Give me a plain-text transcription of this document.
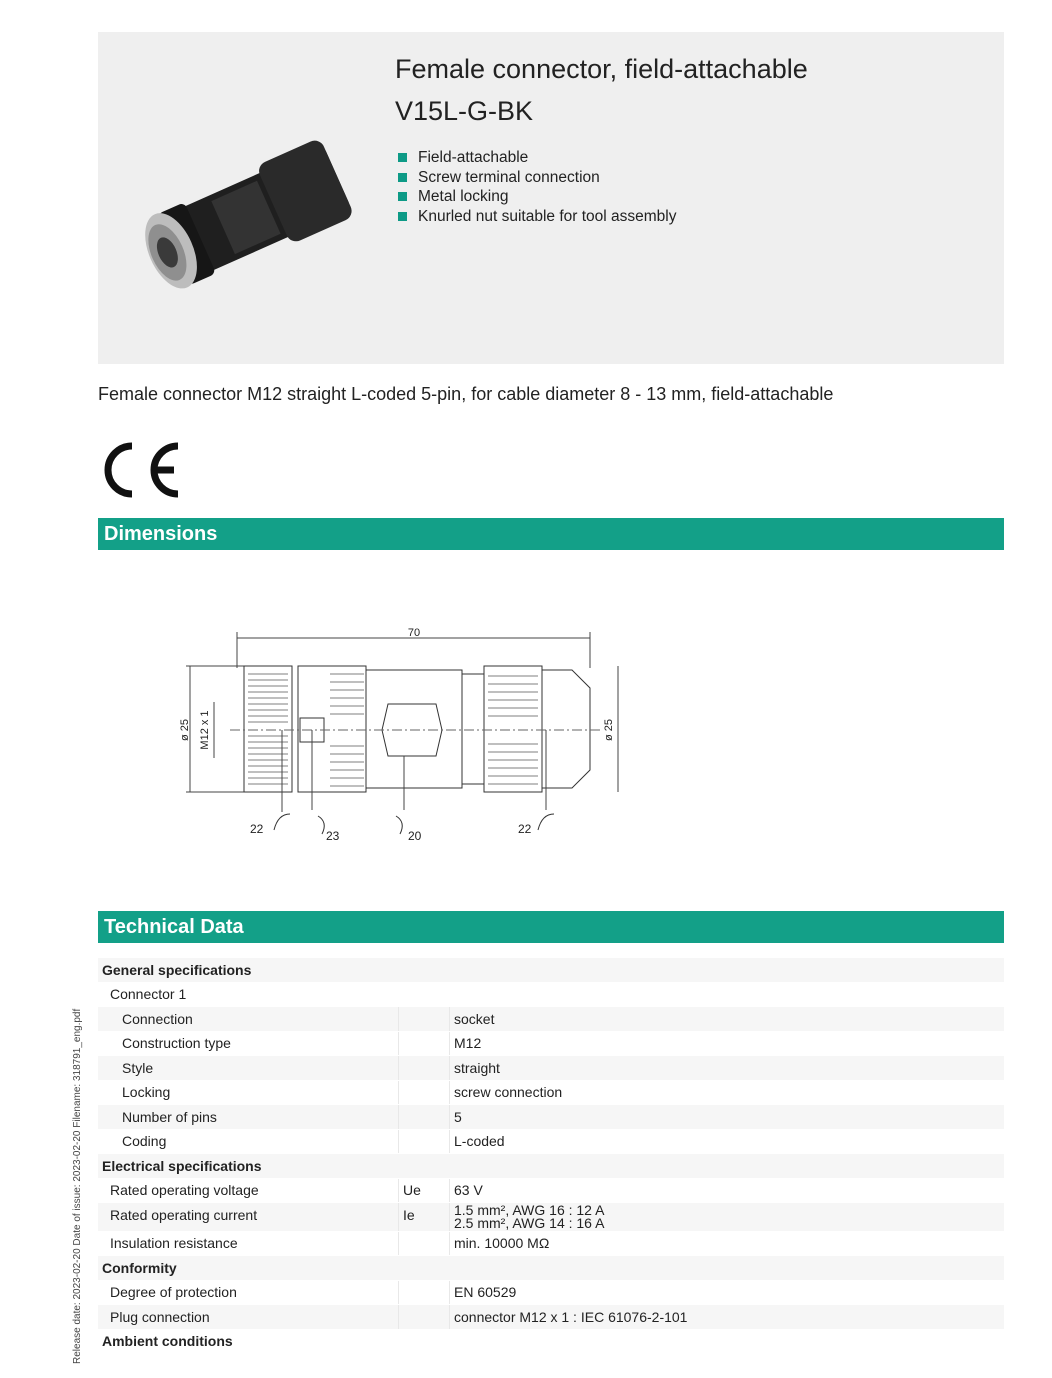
Female connector, field-attachable
V15L-G-BK
Field-attachable
Screw terminal connection
Metal locking
Knurled nut suitable for tool assembly
Female connector M12 straight L-coded 5-pin, for cable diameter 8 - 13 mm, field-attachable
Dimensions
70
ø 25 M12 x 1	ø 25
22	23	20	22
Technical Data
General specifications		
Connector 1		
Connection		socket
Construction type		M12
Style		straight
Locking		screw connection
Number of pins		5
Coding		L-coded
Electrical specifications		
Rated operating voltage	Ue	63 V
Rated operating current	Ie	1.5 mm², AWG 16 : 12 A
2.5 mm², AWG 14 : 16 A

Insulation resistance		min. 10000 MΩ
Conformity		
Degree of protection		EN 60529
Plug connection		connector M12 x 1 : IEC 61076-2-101
Ambient conditions		
Release date: 2023-02-20 Date of issue: 2023-02-20 Filename: 318791_eng.pdf
